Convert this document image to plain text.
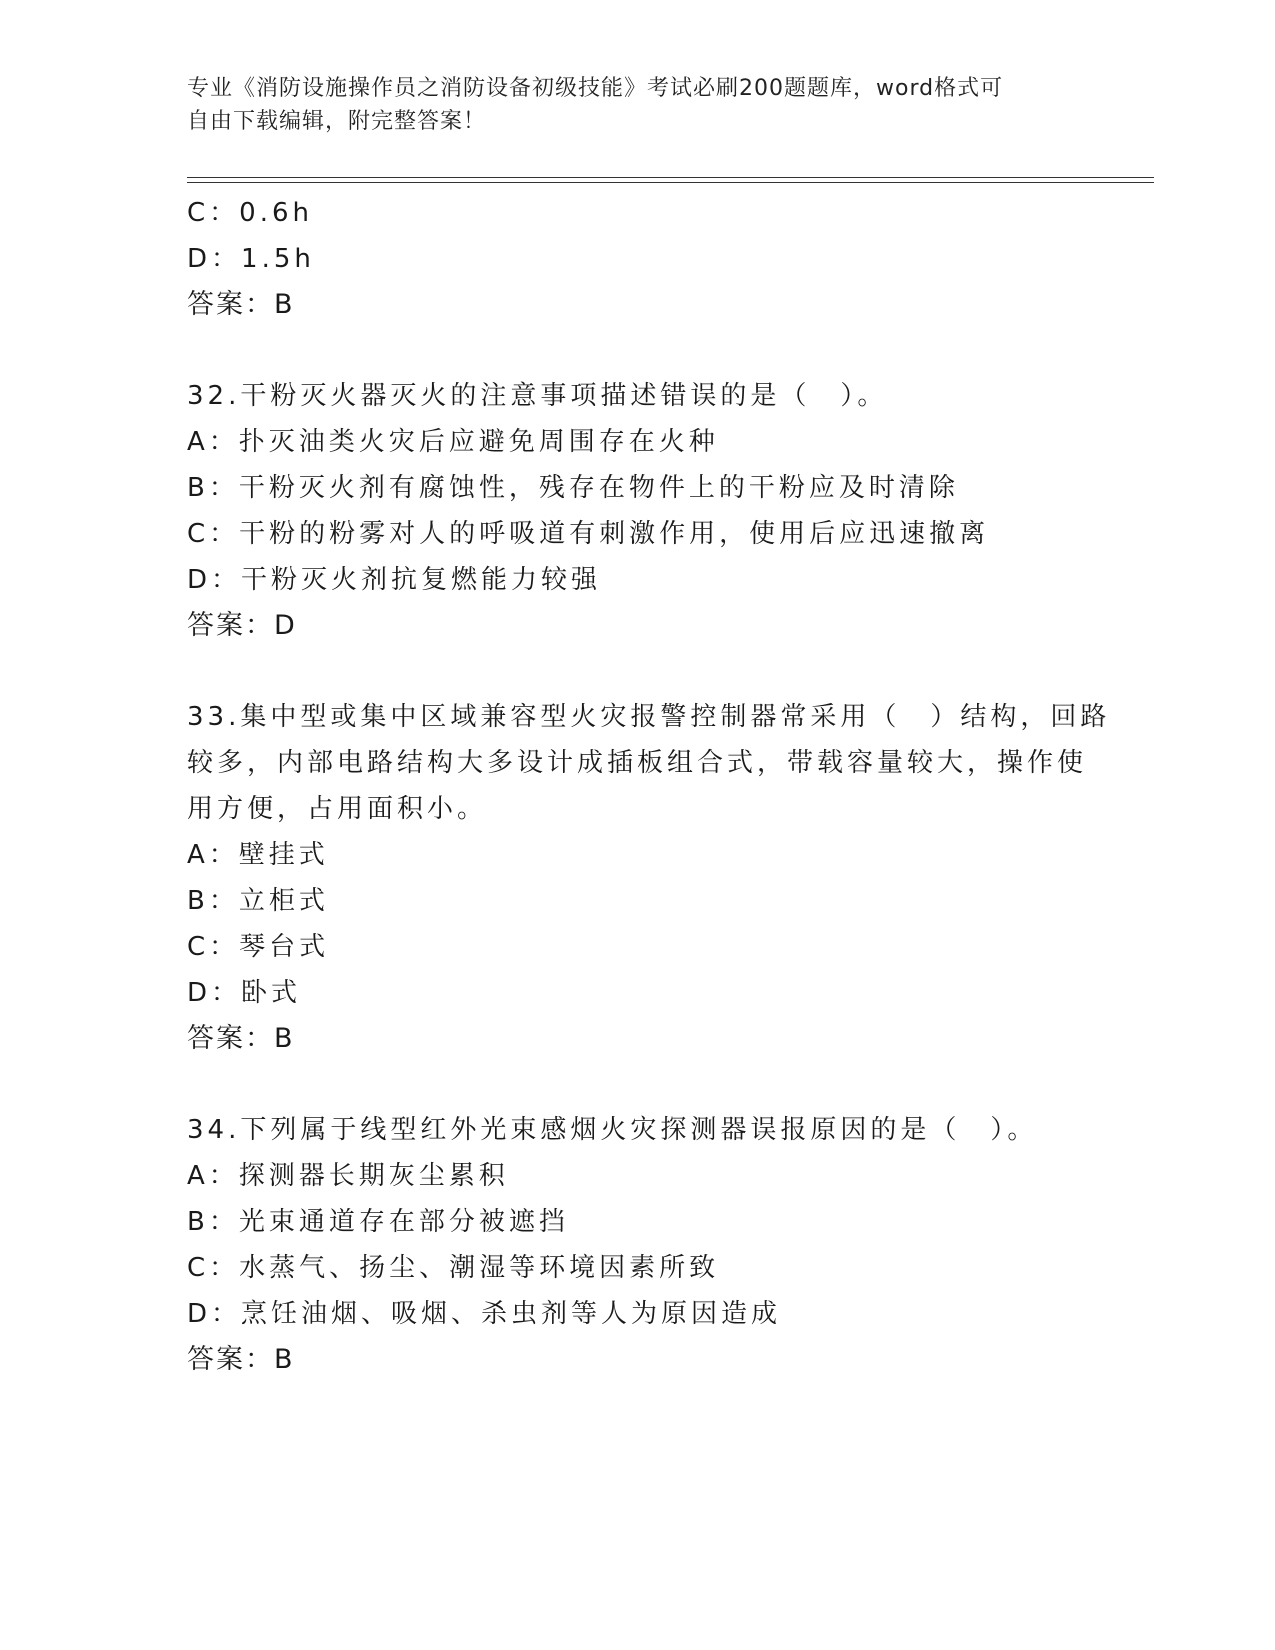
专业《消防设施操作员之消防设备初级技能》考试必刷200题题库，word格式可
自由下载编辑，附完整答案！
C：0.6h
D：1.5h
答案：B
32.干粉灭火器灭火的注意事项描述错误的是（　）。
A：扑灭油类火灾后应避免周围存在火种
B：干粉灭火剂有腐蚀性，残存在物件上的干粉应及时清除
C：干粉的粉雾对人的呼吸道有刺激作用，使用后应迅速撤离
D：干粉灭火剂抗复燃能力较强
答案：D
33.集中型或集中区域兼容型火灾报警控制器常采用（　）结构，回路
较多，内部电路结构大多设计成插板组合式，带载容量较大，操作使
用方便，占用面积小。
A：壁挂式
B：立柜式
C：琴台式
D：卧式
答案：B
34.下列属于线型红外光束感烟火灾探测器误报原因的是（　）。
A：探测器长期灰尘累积
B：光束通道存在部分被遮挡
C：水蒸气、扬尘、潮湿等环境因素所致
D：烹饪油烟、吸烟、杀虫剂等人为原因造成
答案：B
